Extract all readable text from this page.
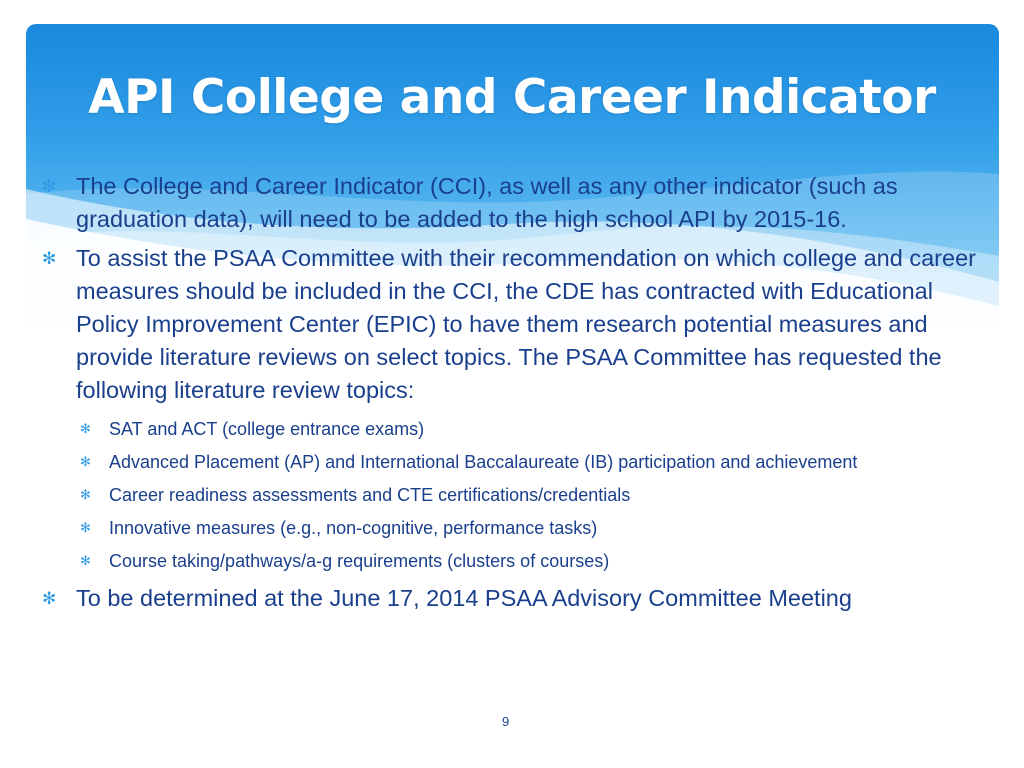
API College and Career Indicator
✻ The College and Career Indicator (CCI), as well as any other indicator (such as graduation data), will need to be added to the high school API by 2015-16.
✻ To assist the PSAA Committee with their recommendation on which college and career measures should be included in the CCI, the CDE has contracted with Educational Policy Improvement Center (EPIC) to have them research potential measures and provide literature reviews on select topics. The PSAA Committee has requested the following literature review topics:
✻ SAT and ACT (college entrance exams)
✻ Advanced Placement (AP) and International Baccalaureate (IB) participation and achievement
✻ Career readiness assessments and CTE certifications/credentials
✻ Innovative measures (e.g., non-cognitive, performance tasks)
✻ Course taking/pathways/a-g requirements (clusters of courses)
✻ To be determined at the June 17, 2014 PSAA Advisory Committee Meeting
9
